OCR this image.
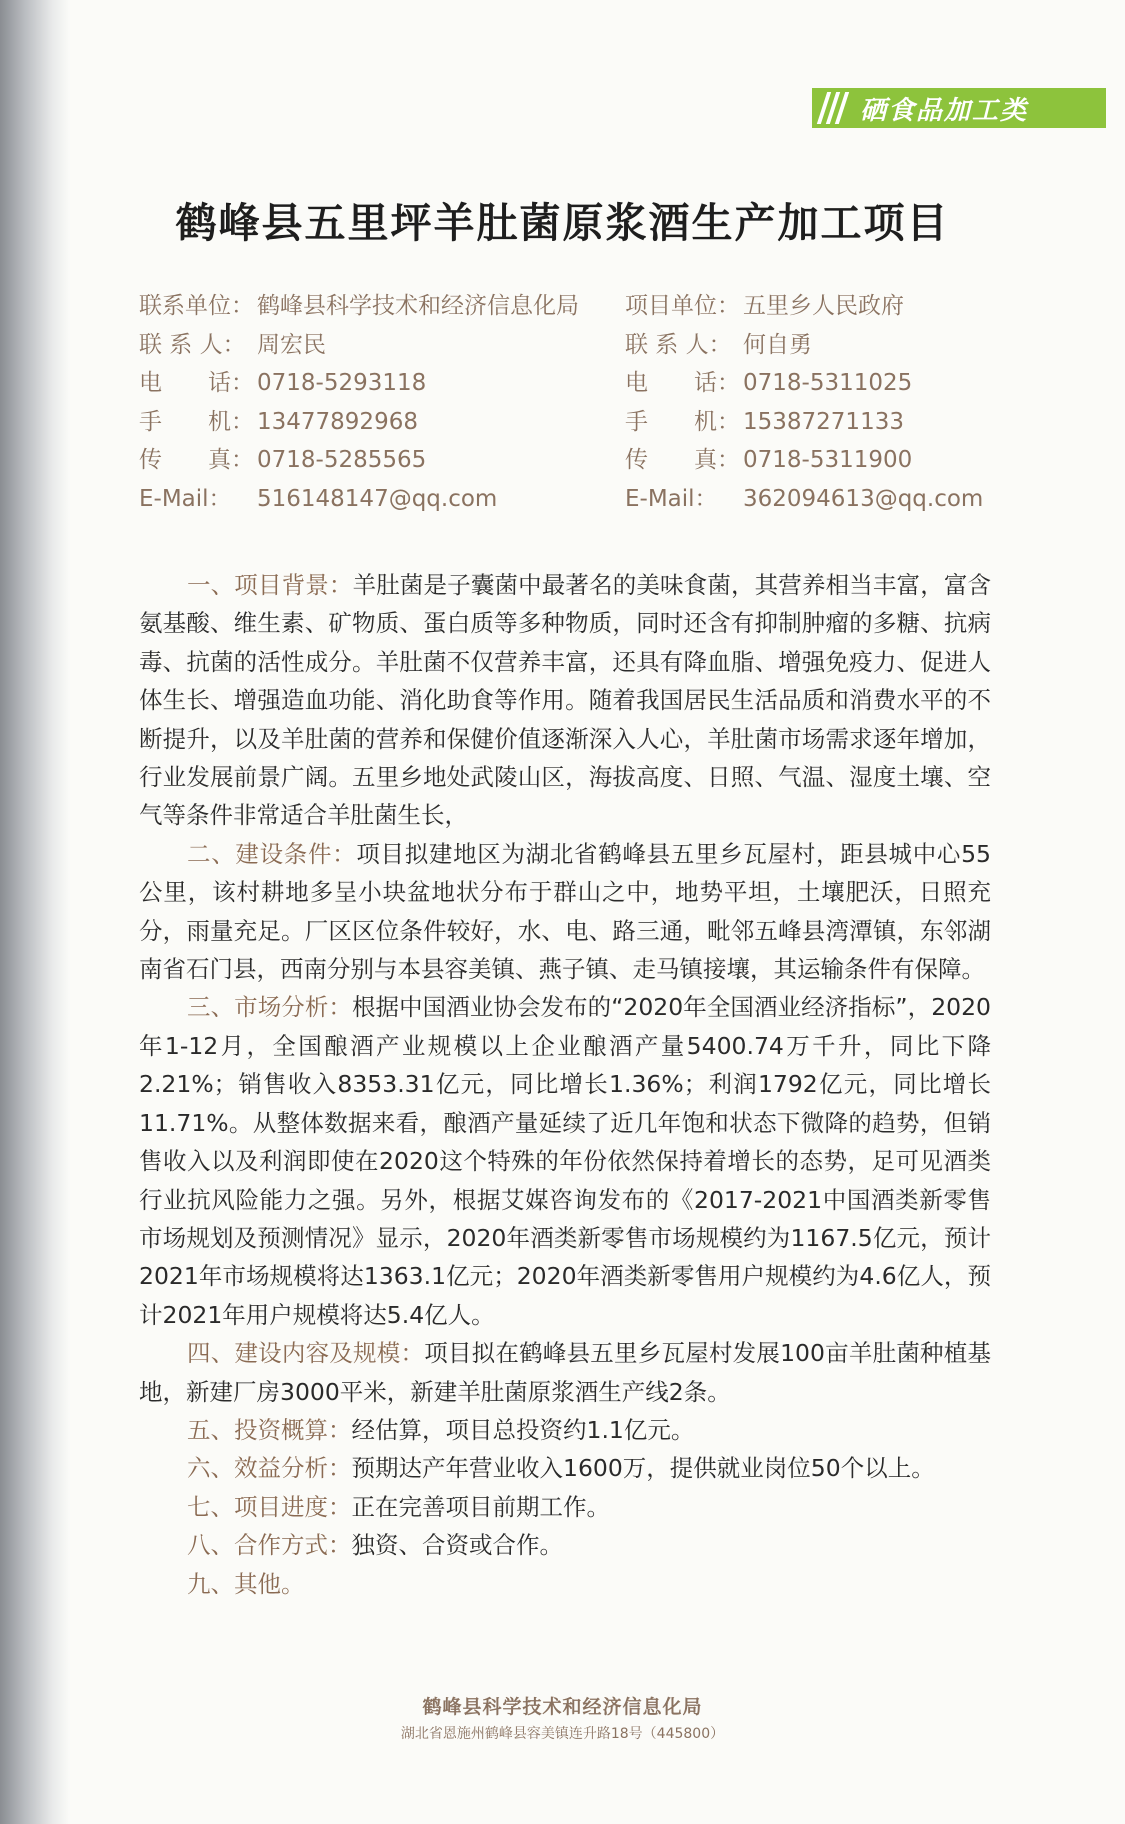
硒食品加工类
鹤峰县五里坪羊肚菌原浆酒生产加工项目
联系单位： 鹤峰县科学技术和经济信息化局	项目单位： 五里乡人民政府
联 系 人： 周宏民	联 系 人： 何自勇
电　　话： 0718-5293118	电　　话： 0718-5311025
手　　机： 13477892968	手　　机： 15387271133
传　　真： 0718-5285565	传　　真： 0718-5311900
E-Mail： 516148147@qq.com	E-Mail： 362094613@qq.com

一、项目背景：羊肚菌是子囊菌中最著名的美味食菌，其营养相当丰富，富含氨基酸、维生素、矿物质、蛋白质等多种物质，同时还含有抑制肿瘤的多糖、抗病毒、抗菌的活性成分。羊肚菌不仅营养丰富，还具有降血脂、增强免疫力、促进人体生长、增强造血功能、消化助食等作用。随着我国居民生活品质和消费水平的不断提升，以及羊肚菌的营养和保健价值逐渐深入人心，羊肚菌市场需求逐年增加，行业发展前景广阔。五里乡地处武陵山区，海拔高度、日照、气温、湿度土壤、空气等条件非常适合羊肚菌生长，

二、建设条件：项目拟建地区为湖北省鹤峰县五里乡瓦屋村，距县城中心55公里，该村耕地多呈小块盆地状分布于群山之中，地势平坦，土壤肥沃，日照充分，雨量充足。厂区区位条件较好，水、电、路三通，毗邻五峰县湾潭镇，东邻湖南省石门县，西南分别与本县容美镇、燕子镇、走马镇接壤，其运输条件有保障。

三、市场分析：根据中国酒业协会发布的“2020年全国酒业经济指标”，2020年1-12月，全国酿酒产业规模以上企业酿酒产量5400.74万千升，同比下降2.21%；销售收入8353.31亿元，同比增长1.36%；利润1792亿元，同比增长11.71%。从整体数据来看，酿酒产量延续了近几年饱和状态下微降的趋势，但销售收入以及利润即使在2020这个特殊的年份依然保持着增长的态势，足可见酒类行业抗风险能力之强。另外，根据艾媒咨询发布的《2017-2021中国酒类新零售市场规划及预测情况》显示，2020年酒类新零售市场规模约为1167.5亿元，预计2021年市场规模将达1363.1亿元；2020年酒类新零售用户规模约为4.6亿人，预计2021年用户规模将达5.4亿人。

四、建设内容及规模：项目拟在鹤峰县五里乡瓦屋村发展100亩羊肚菌种植基地，新建厂房3000平米，新建羊肚菌原浆酒生产线2条。

五、投资概算：经估算，项目总投资约1.1亿元。

六、效益分析：预期达产年营业收入1600万，提供就业岗位50个以上。

七、项目进度：正在完善项目前期工作。

八、合作方式：独资、合资或合作。

九、其他。

鹤峰县科学技术和经济信息化局
湖北省恩施州鹤峰县容美镇连升路18号（445800）
